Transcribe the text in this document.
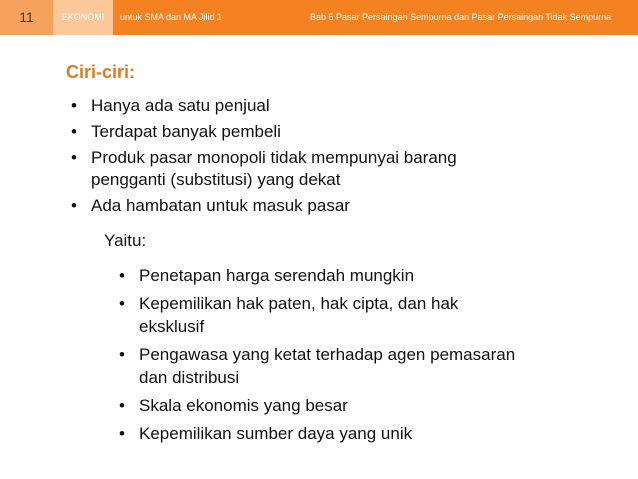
11	EKONOMI	untuk SMA dan MA Jilid 1	Bab 5 Pasar Persaingan Sempurna dan Pasar Persaingan Tidak Sempurna
Ciri-ciri:
• Hanya ada satu penjual
• Terdapat banyak pembeli
• Produk pasar monopoli tidak mempunyai barang
pengganti (substitusi) yang dekat
• Ada hambatan untuk masuk pasar
Yaitu:
• Penetapan harga serendah mungkin
• Kepemilikan hak paten, hak cipta, dan hak
eksklusif
• Pengawasa yang ketat terhadap agen pemasaran
dan distribusi
• Skala ekonomis yang besar
• Kepemilikan sumber daya yang unik
